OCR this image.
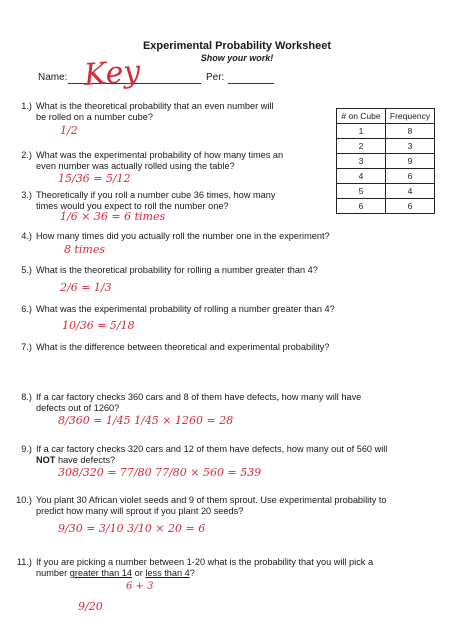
Experimental Probability Worksheet
Show your work!
Name: Key	Per:
# on Cube	Frequency
1	8
2	3
3	9
4	6
5	4
6	6
1.) What is the theoretical probability that an even number will
be rolled on a number cube?
1/2
2.) What was the experimental probability of how many times an
even number was actually rolled using the table?
15/36 = 5/12
3.) Theoretically if you roll a number cube 36 times, how many
times would you expect to roll the number one?
1/6 × 36 = 6 times
4.) How many times did you actually roll the number one in the experiment?
8 times
5.) What is the theoretical probability for rolling a number greater than 4?
2/6 = 1/3
6.) What was the experimental probability of rolling a number greater than 4?
10/36 = 5/18
7.) What is the difference between theoretical and experimental probability?
8.) If a car factory checks 360 cars and 8 of them have defects, how many will have
defects out of 1260?
8/360 = 1/45 1/45 × 1260 = 28
9.) If a car factory checks 320 cars and 12 of them have defects, how many out of 560 will
NOT have defects?
308/320 = 77/80 77/80 × 560 = 539
10.) You plant 30 African violet seeds and 9 of them sprout. Use experimental probability to
predict how many will sprout if you plant 20 seeds?
9/30 = 3/10 3/10 × 20 = 6
11.) If you are picking a number between 1-20 what is the probability that you will pick a
number greater than 14 or less than 4?
6 + 3
9/20
